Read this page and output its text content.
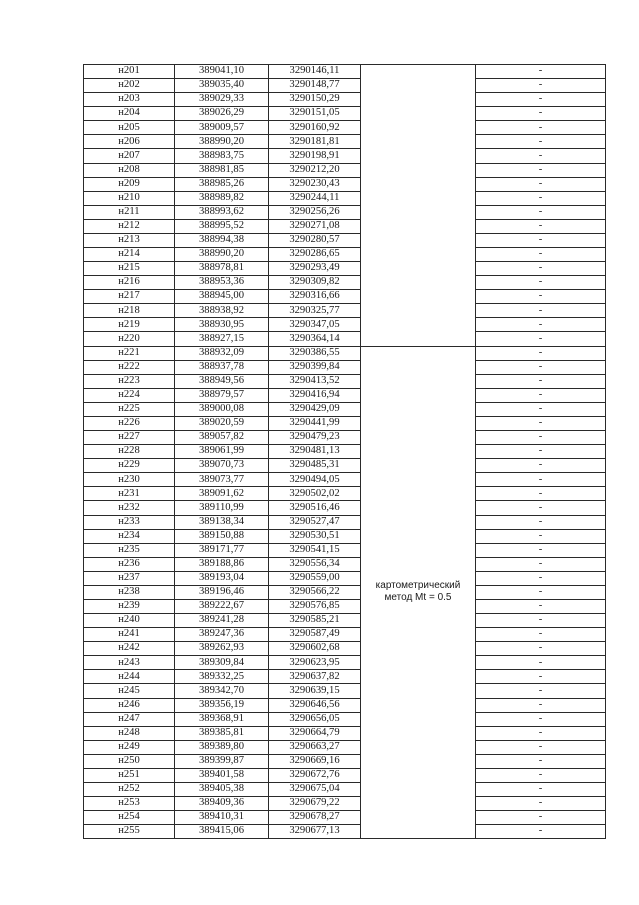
н201	389041,10	3290146,11		-
н202	389035,40	3290148,77		-
н203	389029,33	3290150,29		-
н204	389026,29	3290151,05		-
н205	389009,57	3290160,92		-
н206	388990,20	3290181,81		-
н207	388983,75	3290198,91		-
н208	388981,85	3290212,20		-
н209	388985,26	3290230,43		-
н210	388989,82	3290244,11		-
н211	388993,62	3290256,26		-
н212	388995,52	3290271,08		-
н213	388994,38	3290280,57		-
н214	388990,20	3290286,65		-
н215	388978,81	3290293,49		-
н216	388953,36	3290309,82		-
н217	388945,00	3290316,66		-
н218	388938,92	3290325,77		-
н219	388930,95	3290347,05		-
н220	388927,15	3290364,14		-
н221	388932,09	3290386,55	картометрический
метод Mt = 0.5	-
н222	388937,78	3290399,84		-
н223	388949,56	3290413,52		-
н224	388979,57	3290416,94		-
н225	389000,08	3290429,09		-
н226	389020,59	3290441,99		-
н227	389057,82	3290479,23		-
н228	389061,99	3290481,13		-
н229	389070,73	3290485,31		-
н230	389073,77	3290494,05		-
н231	389091,62	3290502,02		-
н232	389110,99	3290516,46		-
н233	389138,34	3290527,47		-
н234	389150,88	3290530,51		-
н235	389171,77	3290541,15		-
н236	389188,86	3290556,34		-
н237	389193,04	3290559,00		-
н238	389196,46	3290566,22		-
н239	389222,67	3290576,85		-
н240	389241,28	3290585,21		-
н241	389247,36	3290587,49		-
н242	389262,93	3290602,68		-
н243	389309,84	3290623,95		-
н244	389332,25	3290637,82		-
н245	389342,70	3290639,15		-
н246	389356,19	3290646,56		-
н247	389368,91	3290656,05		-
н248	389385,81	3290664,79		-
н249	389389,80	3290663,27		-
н250	389399,87	3290669,16		-
н251	389401,58	3290672,76		-
н252	389405,38	3290675,04		-
н253	389409,36	3290679,22		-
н254	389410,31	3290678,27		-
н255	389415,06	3290677,13		-
